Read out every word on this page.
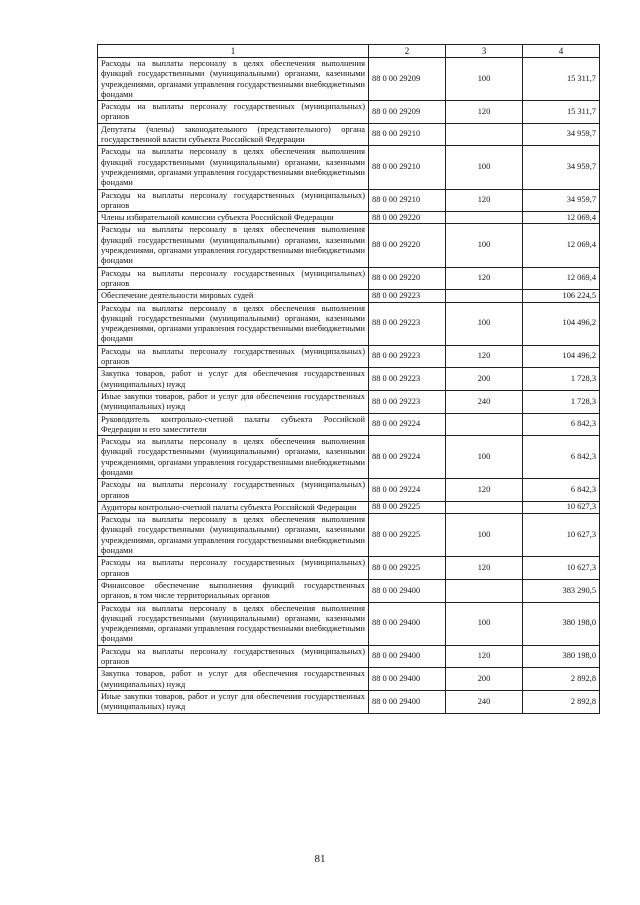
1	2	3	4
Расходы на выплаты персоналу в целях обеспечения выполнения функций государственными (муниципальными) органами, казенными учреждениями, органами управления государственными внебюджетными фондами	88 0 00 29209	100	15 311,7
Расходы на выплаты персоналу государственных (муниципальных) органов	88 0 00 29209	120	15 311,7
Депутаты (члены) законодательного (представительного) органа государственной власти субъекта Российской Федерации	88 0 00 29210		34 959,7
Расходы на выплаты персоналу в целях обеспечения выполнения функций государственными (муниципальными) органами, казенными учреждениями, органами управления государственными внебюджетными фондами	88 0 00 29210	100	34 959,7
Расходы на выплаты персоналу государственных (муниципальных) органов	88 0 00 29210	120	34 959,7
Члены избирательной комиссии субъекта Российской Федерации	88 0 00 29220		12 069,4
Расходы на выплаты персоналу в целях обеспечения выполнения функций государственными (муниципальными) органами, казенными учреждениями, органами управления государственными внебюджетными фондами	88 0 00 29220	100	12 069,4
Расходы на выплаты персоналу государственных (муниципальных) органов	88 0 00 29220	120	12 069,4
Обеспечение деятельности мировых судей	88 0 00 29223		106 224,5
Расходы на выплаты персоналу в целях обеспечения выполнения функций государственными (муниципальными) органами, казенными учреждениями, органами управления государственными внебюджетными фондами	88 0 00 29223	100	104 496,2
Расходы на выплаты персоналу государственных (муниципальных) органов	88 0 00 29223	120	104 496,2
Закупка товаров, работ и услуг для обеспечения государственных (муниципальных) нужд	88 0 00 29223	200	1 728,3
Иные закупки товаров, работ и услуг для обеспечения государственных (муниципальных) нужд	88 0 00 29223	240	1 728,3
Руководитель контрольно-счетной палаты субъекта Российской Федерации и его заместители	88 0 00 29224		6 842,3
Расходы на выплаты персоналу в целях обеспечения выполнения функций государственными (муниципальными) органами, казенными учреждениями, органами управления государственными внебюджетными фондами	88 0 00 29224	100	6 842,3
Расходы на выплаты персоналу государственных (муниципальных) органов	88 0 00 29224	120	6 842,3
Аудиторы контрольно-счетной палаты субъекта Российской Федерации	88 0 00 29225		10 627,3
Расходы на выплаты персоналу в целях обеспечения выполнения функций государственными (муниципальными) органами, казенными учреждениями, органами управления государственными внебюджетными фондами	88 0 00 29225	100	10 627,3
Расходы на выплаты персоналу государственных (муниципальных) органов	88 0 00 29225	120	10 627,3
Финансовое обеспечение выполнения функций государственных органов, в том числе территориальных органов	88 0 00 29400		383 290,5
Расходы на выплаты персоналу в целях обеспечения выполнения функций государственными (муниципальными) органами, казенными учреждениями, органами управления государственными внебюджетными фондами	88 0 00 29400	100	380 198,0
Расходы на выплаты персоналу государственных (муниципальных) органов	88 0 00 29400	120	380 198,0
Закупка товаров, работ и услуг для обеспечения государственных (муниципальных) нужд	88 0 00 29400	200	2 892,8
Иные закупки товаров, работ и услуг для обеспечения государственных (муниципальных) нужд	88 0 00 29400	240	2 892,8
81
